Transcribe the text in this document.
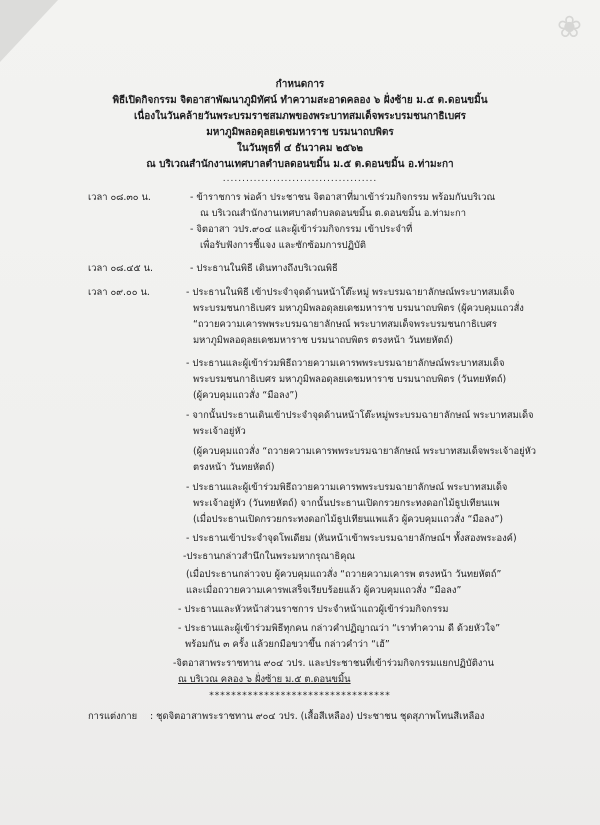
❀
กำหนดการ
พิธีเปิดกิจกรรม จิตอาสาพัฒนาภูมิทัศน์ ทำความสะอาดคลอง ๖ ฝั่งซ้าย ม.๕ ต.ดอนขมิ้น
เนื่องในวันคล้ายวันพระบรมราชสมภพของพระบาทสมเด็จพระบรมชนกาธิเบศร
มหาภูมิพลอดุลยเดชมหาราช บรมนาถบพิตร
ในวันพุธที่ ๔ ธันวาคม ๒๕๖๒
ณ บริเวณสำนักงานเทศบาลตำบลดอนขมิ้น ม.๕ ต.ดอนขมิ้น อ.ท่ามะกา
........................................
เวลา ๐๘.๓๐ น.	- ข้าราชการ พ่อค้า ประชาชน จิตอาสาที่มาเข้าร่วมกิจกรรม พร้อมกันบริเวณ
ณ บริเวณสำนักงานเทศบาลตำบลดอนขมิ้น ต.ดอนขมิ้น อ.ท่ามะกา
- จิตอาสา วปร.๙๐๔ และผู้เข้าร่วมกิจกรรม เข้าประจำที่
เพื่อรับฟังการชี้แจง และซักซ้อมการปฏิบัติ
เวลา ๐๘.๔๕ น.	- ประธานในพิธี เดินทางถึงบริเวณพิธี
เวลา ๐๙.๐๐ น.	- ประธานในพิธี เข้าประจำจุดด้านหน้าโต๊ะหมู่ พระบรมฉายาลักษณ์พระบาทสมเด็จ
พระบรมชนกาธิเบศร มหาภูมิพลอดุลยเดชมหาราช บรมนาถบพิตร (ผู้ควบคุมแถวสั่ง
“ถวายความเคารพพระบรมฉายาลักษณ์ พระบาทสมเด็จพระบรมชนกาธิเบศร
มหาภูมิพลอดุลยเดชมหาราช บรมนาถบพิตร ตรงหน้า วันทยหัตถ์)
- ประธานและผู้เข้าร่วมพิธีถวายความเคารพพระบรมฉายาลักษณ์พระบาทสมเด็จ
พระบรมชนกาธิเบศร มหาภูมิพลอดุลยเดชมหาราช บรมนาถบพิตร (วันทยหัตถ์)
(ผู้ควบคุมแถวสั่ง “มือลง”)
- จากนั้นประธานเดินเข้าประจำจุดด้านหน้าโต๊ะหมู่พระบรมฉายาลักษณ์ พระบาทสมเด็จ
พระเจ้าอยู่หัว
(ผู้ควบคุมแถวสั่ง “ถวายความเคารพพระบรมฉายาลักษณ์ พระบาทสมเด็จพระเจ้าอยู่หัว
ตรงหน้า วันทยหัตถ์)
- ประธานและผู้เข้าร่วมพิธีถวายความเคารพพระบรมฉายาลักษณ์ พระบาทสมเด็จ
พระเจ้าอยู่หัว (วันทยหัตถ์) จากนั้นประธานเปิดกรวยกระทงดอกไม้ธูปเทียนแพ
(เมื่อประธานเปิดกรวยกระทงดอกไม้ธูปเทียนแพแล้ว ผู้ควบคุมแถวสั่ง “มือลง”)
- ประธานเข้าประจำจุดโพเดียม (หันหน้าเข้าพระบรมฉายาลักษณ์ฯ ทั้งสองพระองค์)
-ประธานกล่าวสำนึกในพระมหากรุณาธิคุณ
(เมื่อประธานกล่าวจบ ผู้ควบคุมแถวสั่ง “ถวายความเคารพ ตรงหน้า วันทยหัตถ์”
และเมื่อถวายความเคารพเสร็จเรียบร้อยแล้ว ผู้ควบคุมแถวสั่ง “มือลง”
- ประธานและหัวหน้าส่วนราชการ ประจำหน้าแถวผู้เข้าร่วมกิจกรรม
- ประธานและผู้เข้าร่วมพิธีทุกคน กล่าวคำปฏิญาณว่า “เราทำความ ดี ด้วยหัวใจ”
พร้อมกัน ๓ ครั้ง แล้วยกมือขวาขึ้น กล่าวคำว่า “เฮ้”
-จิตอาสาพระราชทาน ๙๐๔ วปร. และประชาชนที่เข้าร่วมกิจกรรมแยกปฏิบัติงาน
ณ บริเวณ คลอง ๖ ฝั่งซ้าย ม.๕ ต.ดอนขมิ้น
*********************************
การแต่งกาย : ชุดจิตอาสาพระราชทาน ๙๐๔ วปร. (เสื้อสีเหลือง) ประชาชน ชุดสุภาพโทนสีเหลือง
